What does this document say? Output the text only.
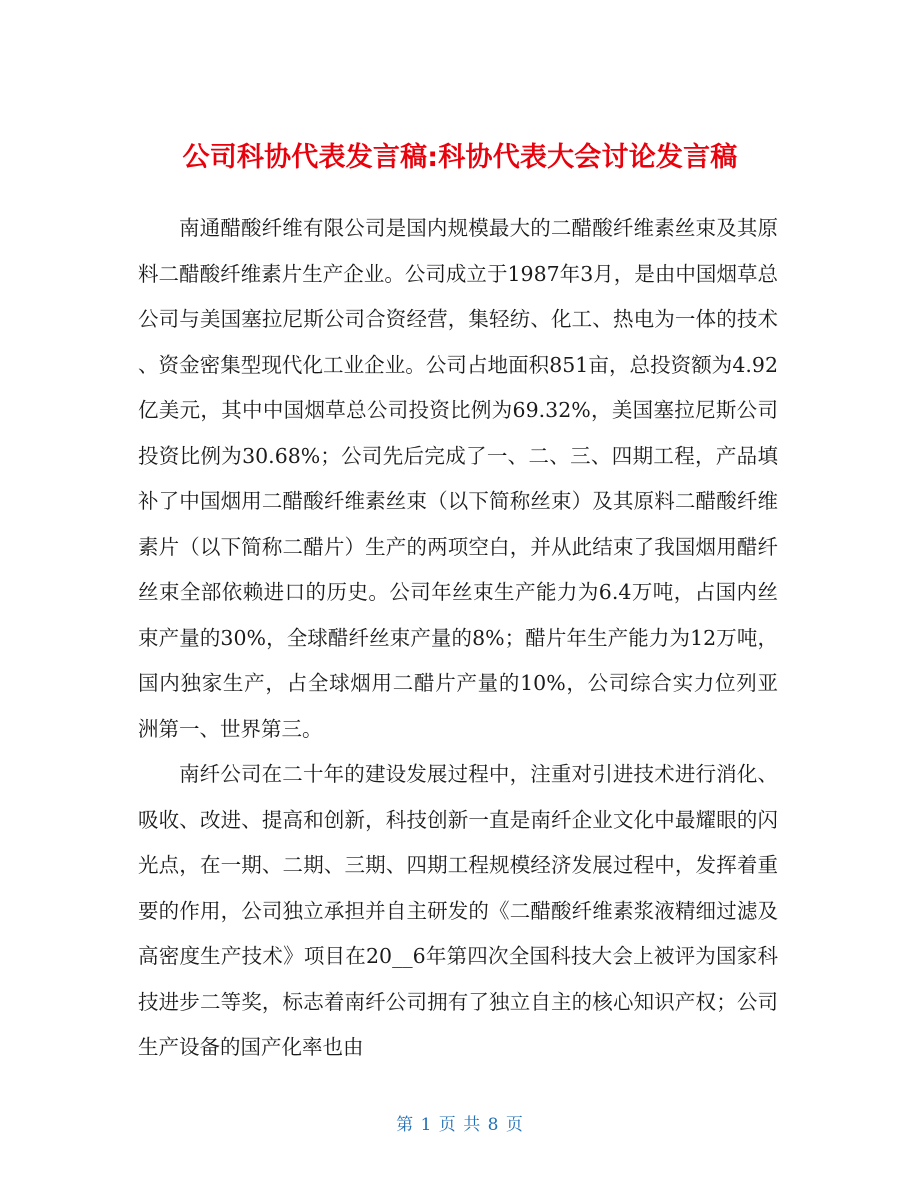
公司科协代表发言稿:科协代表大会讨论发言稿

南通醋酸纤维有限公司是国内规模最大的二醋酸纤维素丝束及其原料二醋酸纤维素片生产企业。公司成立于1987年3月，是由中国烟草总公司与美国塞拉尼斯公司合资经营，集轻纺、化工、热电为一体的技术、资金密集型现代化工业企业。公司占地面积851亩，总投资额为4.92亿美元，其中中国烟草总公司投资比例为69.32%，美国塞拉尼斯公司投资比例为30.68%；公司先后完成了一、二、三、四期工程，产品填补了中国烟用二醋酸纤维素丝束（以下简称丝束）及其原料二醋酸纤维素片（以下简称二醋片）生产的两项空白，并从此结束了我国烟用醋纤丝束全部依赖进口的历史。公司年丝束生产能力为6.4万吨，占国内丝束产量的30%，全球醋纤丝束产量的8%；醋片年生产能力为12万吨，国内独家生产，占全球烟用二醋片产量的10%，公司综合实力位列亚洲第一、世界第三。

南纤公司在二十年的建设发展过程中，注重对引进技术进行消化、吸收、改进、提高和创新，科技创新一直是南纤企业文化中最耀眼的闪光点，在一期、二期、三期、四期工程规模经济发展过程中，发挥着重要的作用，公司独立承担并自主研发的《二醋酸纤维素浆液精细过滤及高密度生产技术》项目在20__6年第四次全国科技大会上被评为国家科技进步二等奖，标志着南纤公司拥有了独立自主的核心知识产权；公司生产设备的国产化率也由

第 1 页 共 8 页
